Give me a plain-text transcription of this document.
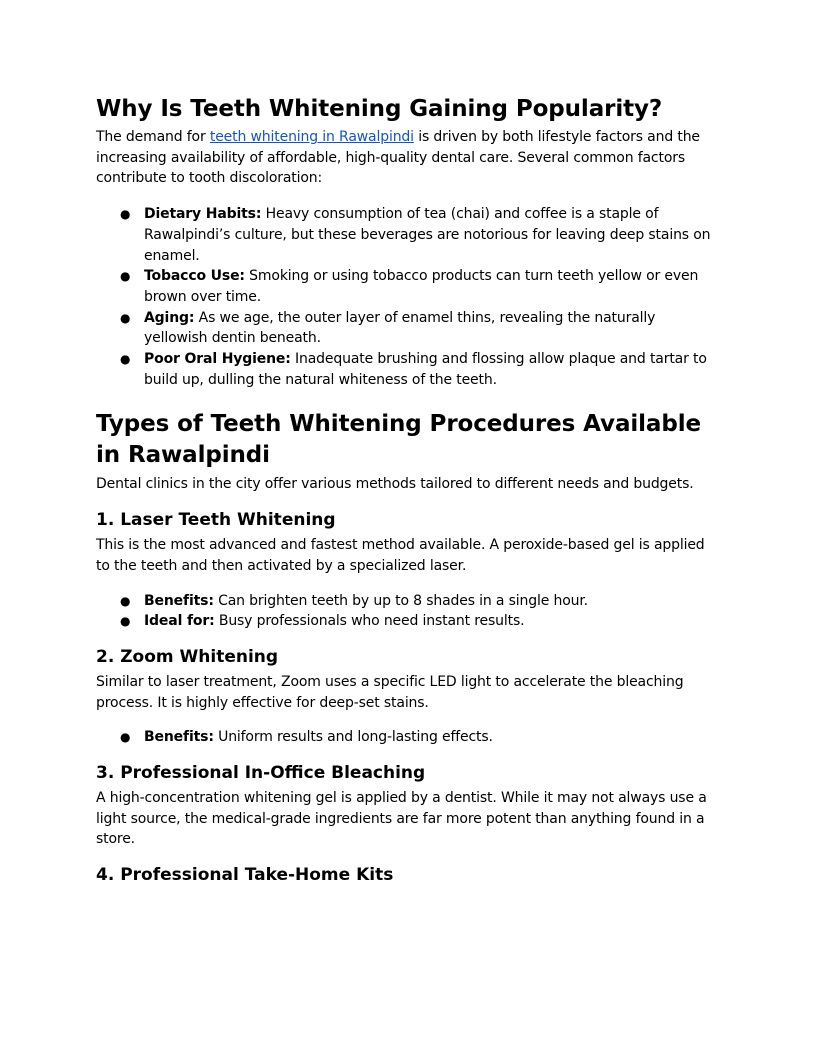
Why Is Teeth Whitening Gaining Popularity?

The demand for teeth whitening in Rawalpindi is driven by both lifestyle factors and the increasing availability of affordable, high-quality dental care. Several common factors contribute to tooth discoloration:

● Dietary Habits: Heavy consumption of tea (chai) and coffee is a staple of Rawalpindi’s culture, but these beverages are notorious for leaving deep stains on enamel.
● Tobacco Use: Smoking or using tobacco products can turn teeth yellow or even brown over time.
● Aging: As we age, the outer layer of enamel thins, revealing the naturally yellowish dentin beneath.
● Poor Oral Hygiene: Inadequate brushing and flossing allow plaque and tartar to build up, dulling the natural whiteness of the teeth.
Types of Teeth Whitening Procedures Available in Rawalpindi

Dental clinics in the city offer various methods tailored to different needs and budgets.

1. Laser Teeth Whitening

This is the most advanced and fastest method available. A peroxide-based gel is applied to the teeth and then activated by a specialized laser.

● Benefits: Can brighten teeth by up to 8 shades in a single hour.
● Ideal for: Busy professionals who need instant results.
2. Zoom Whitening

Similar to laser treatment, Zoom uses a specific LED light to accelerate the bleaching process. It is highly effective for deep-set stains.

● Benefits: Uniform results and long-lasting effects.
3. Professional In-Office Bleaching

A high-concentration whitening gel is applied by a dentist. While it may not always use a light source, the medical-grade ingredients are far more potent than anything found in a store.

4. Professional Take-Home Kits
